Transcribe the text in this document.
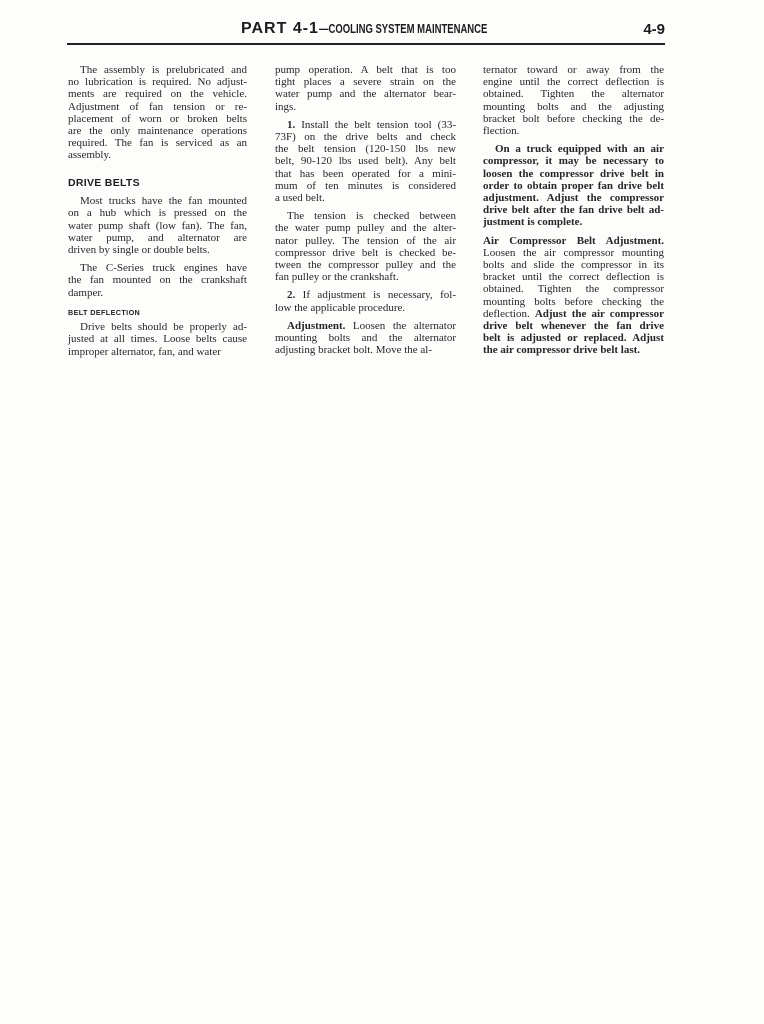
PART 4-1—COOLING SYSTEM MAINTENANCE	4-9
The assembly is prelubricated and
no lubrication is required. No adjust-
ments are required on the vehicle.
Adjustment of fan tension or re-
placement of worn or broken belts
are the only maintenance operations
required. The fan is serviced as an
assembly.
DRIVE BELTS
Most trucks have the fan mounted
on a hub which is pressed on the
water pump shaft (low fan). The fan,
water pump, and alternator are
driven by single or double belts.
The C-Series truck engines have
the fan mounted on the crankshaft
damper.
BELT DEFLECTION
Drive belts should be properly ad-
justed at all times. Loose belts cause
improper alternator, fan, and water
pump operation. A belt that is too
tight places a severe strain on the
water pump and the alternator bear-
ings.
1. Install the belt tension tool (33-
73F) on the drive belts and check
the belt tension (120-150 lbs new
belt, 90-120 lbs used belt). Any belt
that has been operated for a mini-
mum of ten minutes is considered
a used belt.
The tension is checked between
the water pump pulley and the alter-
nator pulley. The tension of the air
compressor drive belt is checked be-
tween the compressor pulley and the
fan pulley or the crankshaft.
2. If adjustment is necessary, fol-
low the applicable procedure.
Adjustment. Loosen the alternator
mounting bolts and the alternator
adjusting bracket bolt. Move the al-
ternator toward or away from the
engine until the correct deflection is
obtained. Tighten the alternator
mounting bolts and the adjusting
bracket bolt before checking the de-
flection.
On a truck equipped with an air
compressor, it may be necessary to
loosen the compressor drive belt in
order to obtain proper fan drive belt
adjustment. Adjust the compressor
drive belt after the fan drive belt ad-
justment is complete.
Air Compressor Belt Adjustment.
Loosen the air compressor mounting
bolts and slide the compressor in its
bracket until the correct deflection is
obtained. Tighten the compressor
mounting bolts before checking the
deflection. Adjust the air compressor
drive belt whenever the fan drive
belt is adjusted or replaced. Adjust
the air compressor drive belt last.
